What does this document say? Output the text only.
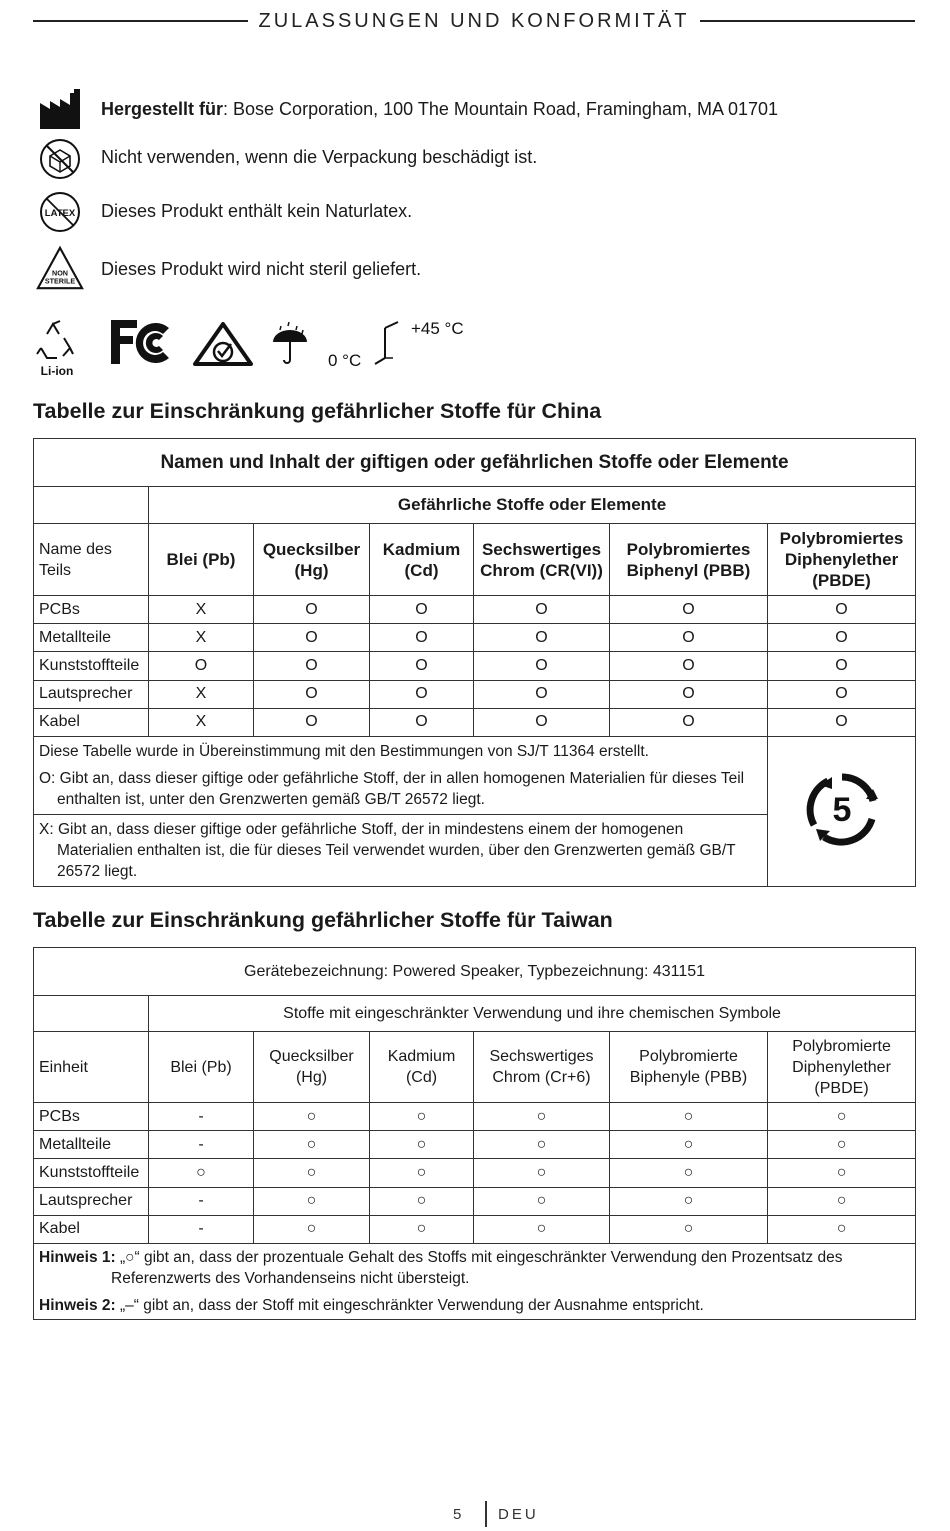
ZULASSUNGEN UND KONFORMITÄT
Hergestellt für: Bose Corporation, 100 The Mountain Road, Framingham, MA 01701
Nicht verwenden, wenn die Verpackung beschädigt ist.
LATEX Dieses Produkt enthält kein Naturlatex.
NON
STERILE
Dieses Produkt wird nicht steril geliefert.
Li-ion
0 °C
+45 °C
Tabelle zur Einschränkung gefährlicher Stoffe für China
Namen und Inhalt der giftigen oder gefährlichen Stoffe oder Elemente						
	Gefährliche Stoffe oder Elemente					
Name des Teils	Blei (Pb)	Quecksilber (Hg)	Kadmium (Cd)	Sechswertiges Chrom (CR(VI))	Polybromiertes Biphenyl (PBB)	Polybromiertes Diphenylether (PBDE)
PCBs	X	O	O	O	O	O
Metallteile	X	O	O	O	O	O
Kunststoffteile	O	O	O	O	O	O
Lautsprecher	X	O	O	O	O	O
Kabel	X	O	O	O	O	O

Diese Tabelle wurde in Übereinstimmung mit den Bestimmungen von SJ/T 11364 erstellt.
O: Gibt an, dass dieser giftige oder gefährliche Stoff, der in allen homogenen Materialien für dieses Teil enthalten ist, unter den Grenzwerten gemäß GB/T 26572 liegt.						5

X: Gibt an, dass dieser giftige oder gefährliche Stoff, der in mindestens einem der homogenen Materialien enthalten ist, die für dieses Teil verwendet wurden, über den Grenzwerten gemäß GB/T 26572 liegt.						
Tabelle zur Einschränkung gefährlicher Stoffe für Taiwan
Gerätebezeichnung: Powered Speaker, Typbezeichnung: 431151						
	Stoffe mit eingeschränkter Verwendung und ihre chemischen Symbole					
Einheit	Blei (Pb)	Quecksilber (Hg)	Kadmium (Cd)	Sechswertiges Chrom (Cr+6)	Polybromierte Biphenyle (PBB)	Polybromierte Diphenylether (PBDE)
PCBs	-	○	○	○	○	○
Metallteile	-	○	○	○	○	○
Kunststoffteile	○	○	○	○	○	○
Lautsprecher	-	○	○	○	○	○
Kabel	-	○	○	○	○	○

Hinweis 1: „○“ gibt an, dass der prozentuale Gehalt des Stoffs mit eingeschränkter Verwendung den Prozentsatz des Referenzwerts des Vorhandenseins nicht übersteigt.
Hinweis 2: „–“ gibt an, dass der Stoff mit eingeschränkter Verwendung der Ausnahme entspricht.						
5 DEU
